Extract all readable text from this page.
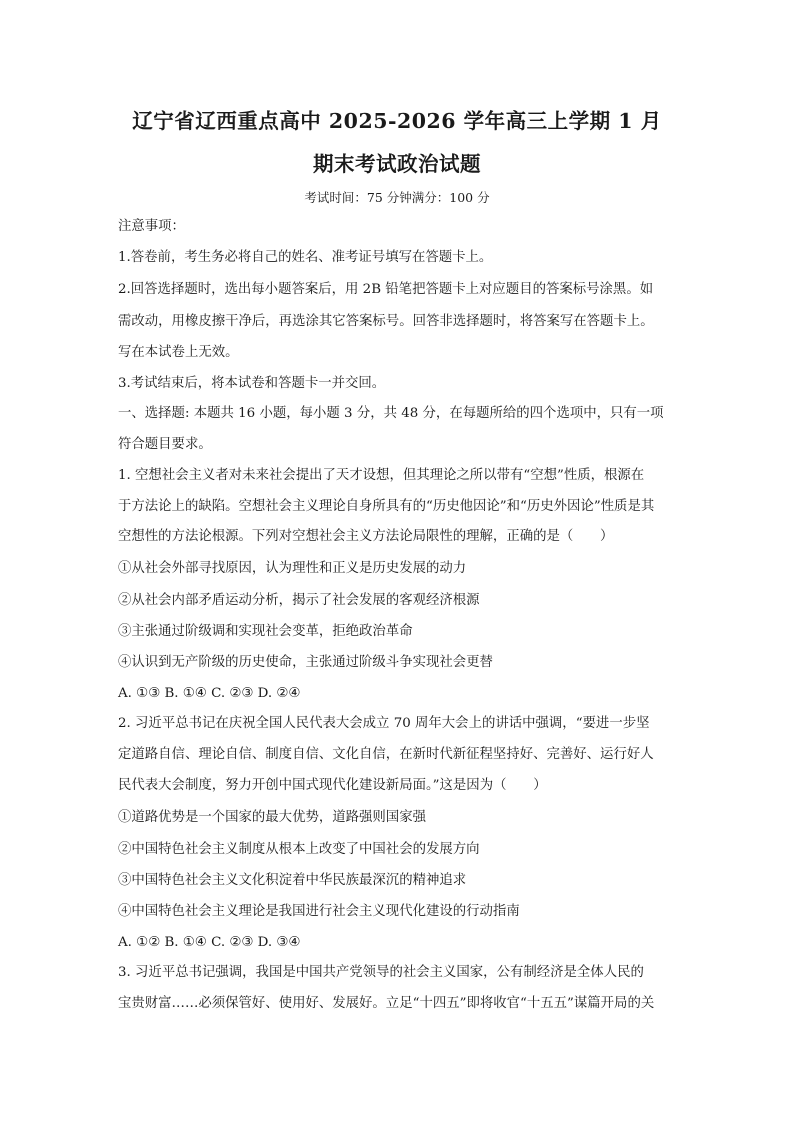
辽宁省辽西重点高中 2025-2026 学年高三上学期 1 月
期末考试政治试题
考试时间：75 分钟满分：100 分
注意事项：
1.答卷前，考生务必将自己的姓名、准考证号填写在答题卡上。
2.回答选择题时，选出每小题答案后，用 2B 铅笔把答题卡上对应题目的答案标号涂黑。如
需改动，用橡皮擦干净后，再选涂其它答案标号。回答非选择题时，将答案写在答题卡上。
写在本试卷上无效。
3.考试结束后，将本试卷和答题卡一并交回。
一、选择题: 本题共 16 小题，每小题 3 分，共 48 分，在每题所给的四个选项中，只有一项
符合题目要求。
1. 空想社会主义者对未来社会提出了天才设想，但其理论之所以带有“空想”性质，根源在
于方法论上的缺陷。空想社会主义理论自身所具有的“历史他因论”和“历史外因论”性质是其
空想性的方法论根源。下列对空想社会主义方法论局限性的理解，正确的是（　　）
①从社会外部寻找原因，认为理性和正义是历史发展的动力
②从社会内部矛盾运动分析，揭示了社会发展的客观经济根源
③主张通过阶级调和实现社会变革，拒绝政治革命
④认识到无产阶级的历史使命，主张通过阶级斗争实现社会更替
A. ①③ B. ①④ C. ②③ D. ②④
2. 习近平总书记在庆祝全国人民代表大会成立 70 周年大会上的讲话中强调，“要进一步坚
定道路自信、理论自信、制度自信、文化自信，在新时代新征程坚持好、完善好、运行好人
民代表大会制度，努力开创中国式现代化建设新局面。”这是因为（　　）
①道路优势是一个国家的最大优势，道路强则国家强
②中国特色社会主义制度从根本上改变了中国社会的发展方向
③中国特色社会主义文化积淀着中华民族最深沉的精神追求
④中国特色社会主义理论是我国进行社会主义现代化建设的行动指南
A. ①② B. ①④ C. ②③ D. ③④
3. 习近平总书记强调，我国是中国共产党领导的社会主义国家，公有制经济是全体人民的
宝贵财富……必须保管好、使用好、发展好。立足“十四五”即将收官“十五五”谋篇开局的关
